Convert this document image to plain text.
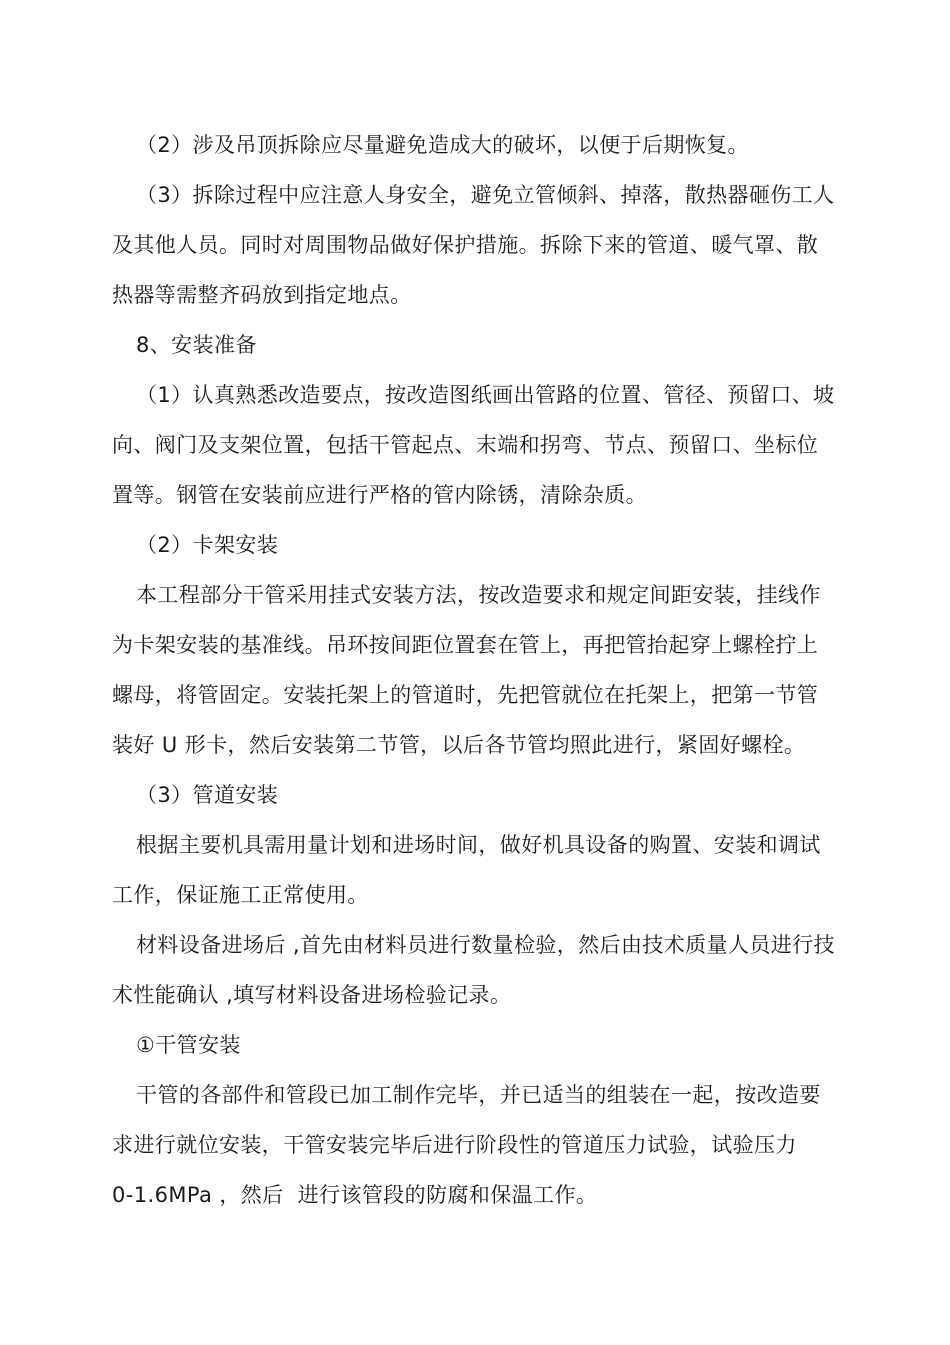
（2）涉及吊顶拆除应尽量避免造成大的破坏，以便于后期恢复。
（3）拆除过程中应注意人身安全，避免立管倾斜、掉落，散热器砸伤工人
及其他人员。同时对周围物品做好保护措施。拆除下来的管道、暖气罩、散
热器等需整齐码放到指定地点。
8、安装准备
（1）认真熟悉改造要点，按改造图纸画出管路的位置、管径、预留口、坡
向、阀门及支架位置，包括干管起点、末端和拐弯、节点、预留口、坐标位
置等。钢管在安装前应进行严格的管内除锈，清除杂质。
（2）卡架安装
本工程部分干管采用挂式安装方法，按改造要求和规定间距安装，挂线作
为卡架安装的基准线。吊环按间距位置套在管上，再把管抬起穿上螺栓拧上
螺母，将管固定。安装托架上的管道时，先把管就位在托架上，把第一节管
装好 U 形卡，然后安装第二节管，以后各节管均照此进行，紧固好螺栓。
（3）管道安装
根据主要机具需用量计划和进场时间，做好机具设备的购置、安装和调试
工作，保证施工正常使用。
材料设备进场后 ,首先由材料员进行数量检验，然后由技术质量人员进行技
术性能确认 ,填写材料设备进场检验记录。
①干管安装
干管的各部件和管段已加工制作完毕，并已适当的组装在一起，按改造要
求进行就位安装，干管安装完毕后进行阶段性的管道压力试验，试验压力
0-1.6MPa ，然后  进行该管段的防腐和保温工作。
